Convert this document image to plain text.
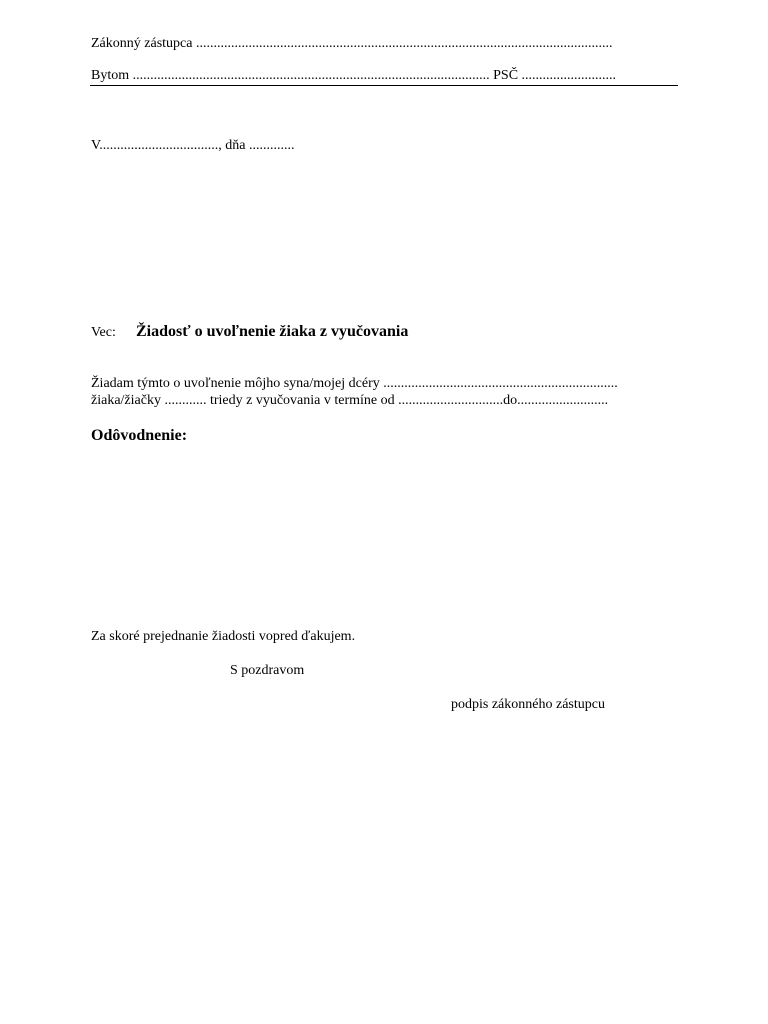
Zákonný zástupca .......................................................................................................................
Bytom ...................................................................................................... PSČ ...........................
V.................................., dňa .............
Vec: Žiadosť o uvoľnenie žiaka z vyučovania
Žiadam týmto o uvoľnenie môjho syna/mojej dcéry ...................................................................
žiaka/žiačky ............ triedy z vyučovania v termíne od ..............................do..........................
Odôvodnenie:
Za skoré prejednanie žiadosti vopred ďakujem.
S pozdravom
podpis zákonného zástupcu
